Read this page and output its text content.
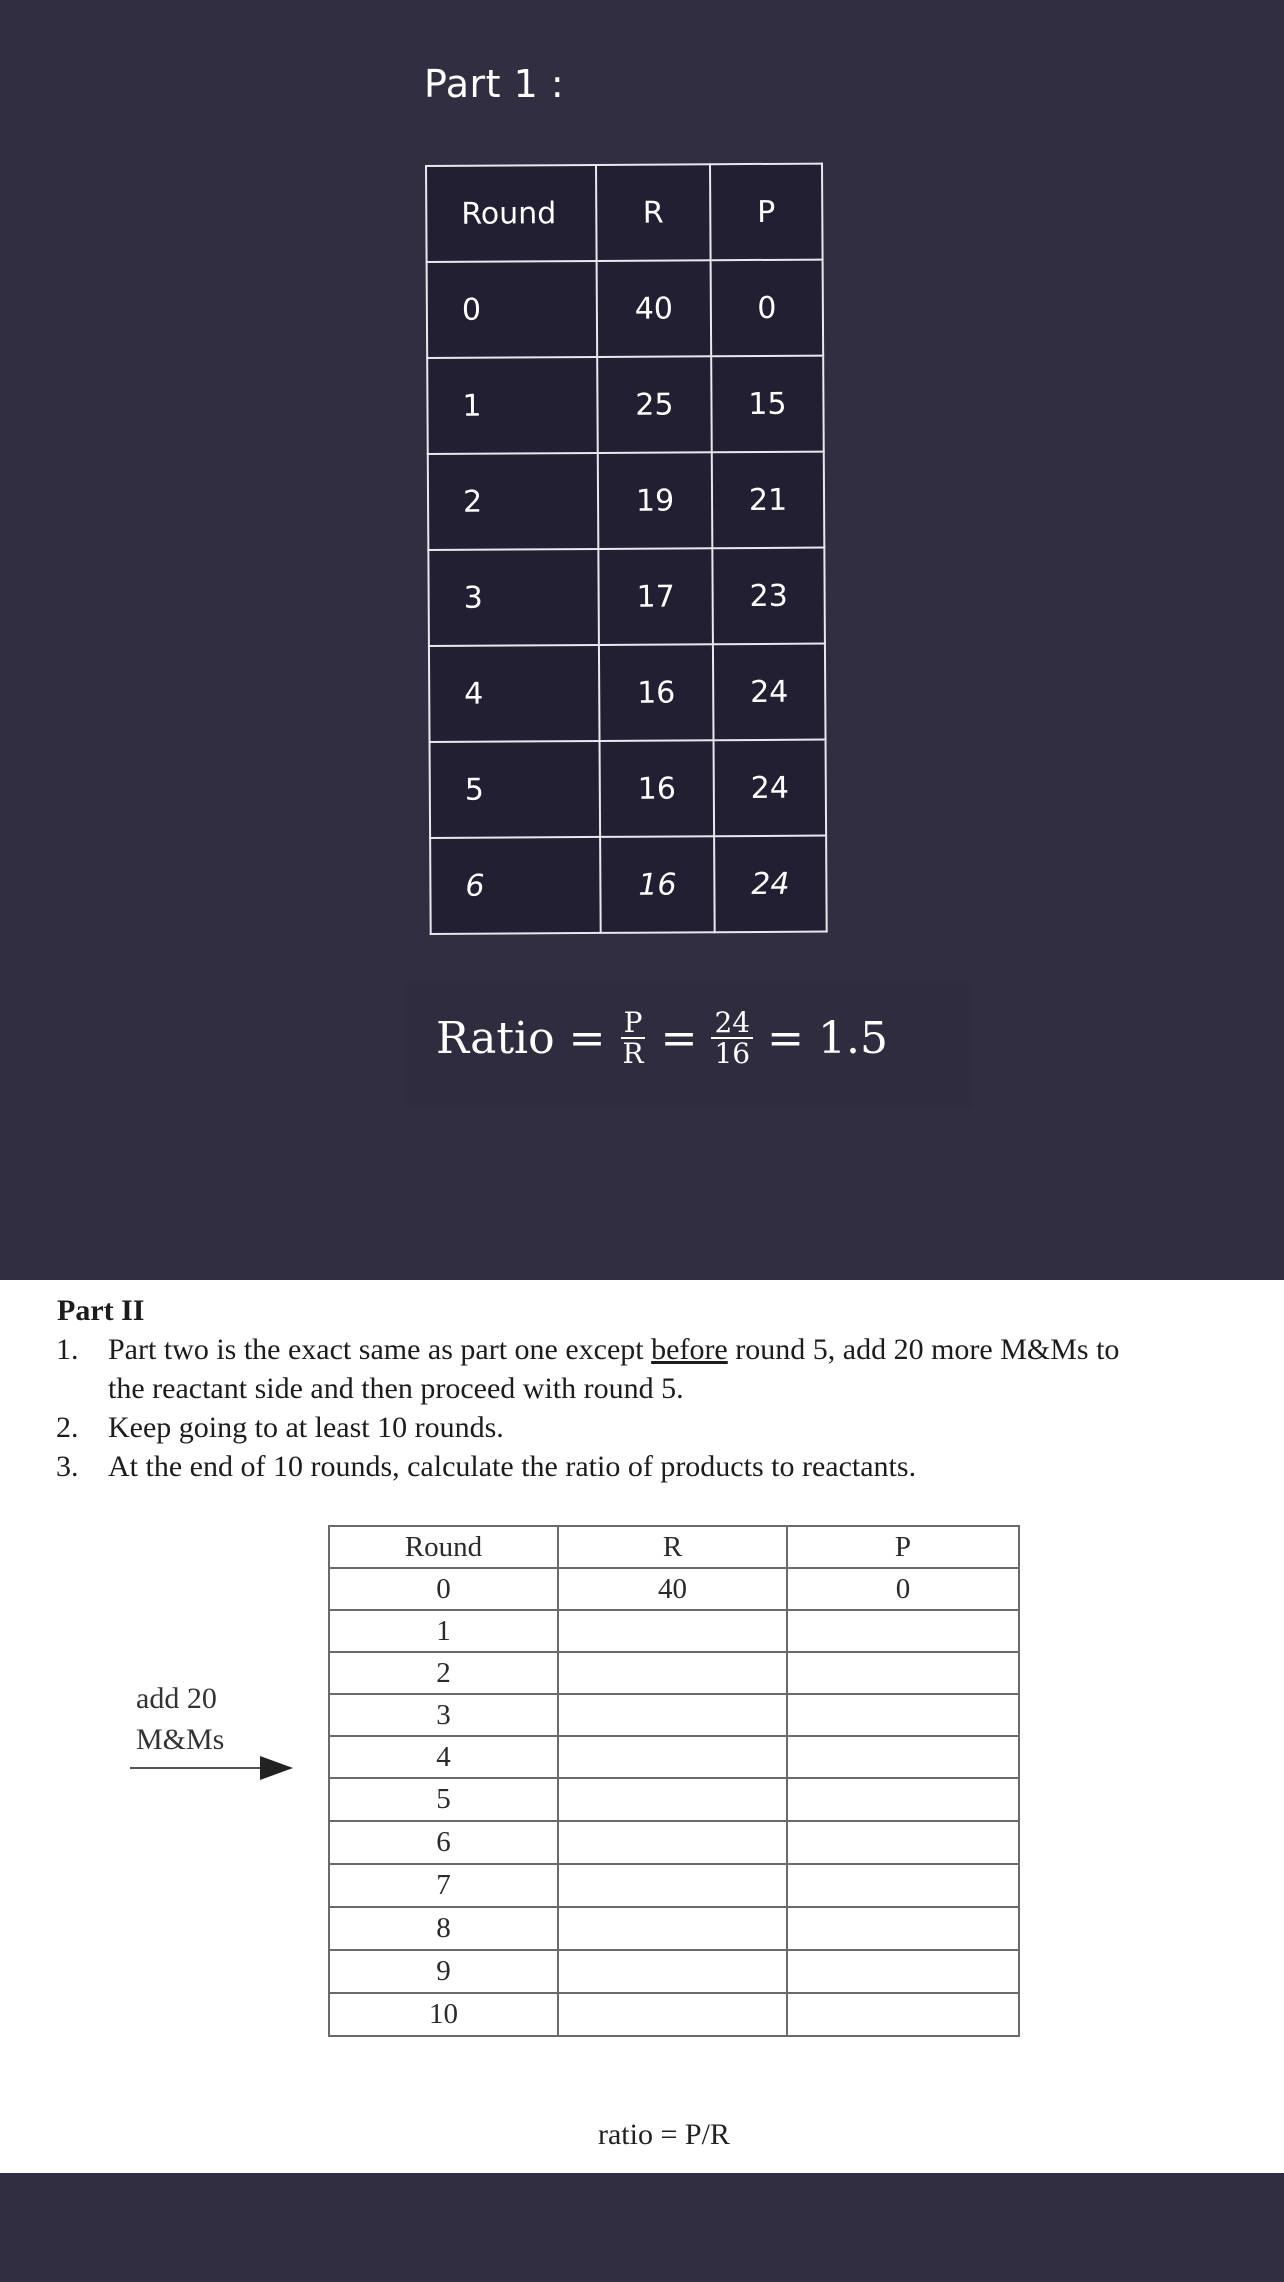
Part 1 :
Round	R	P
0	40	0
1	25	15
2	19	21
3	17	23
4	16	24
5	16	24
6	16	24
Ratio = $\frac{P}{R} = \frac{24}{16} = 1.5$
Part II
1. Part two is the exact same as part one except before round 5, add 20 more M&Ms to
the reactant side and then proceed with round 5.
2. Keep going to at least 10 rounds.
3. At the end of 10 rounds, calculate the ratio of products to reactants.
add 20
M&Ms
Round	R	P
0	40	0
1		
2		
3		
4		
5		
6		
7		
8		
9		
10		
ratio = P/R
